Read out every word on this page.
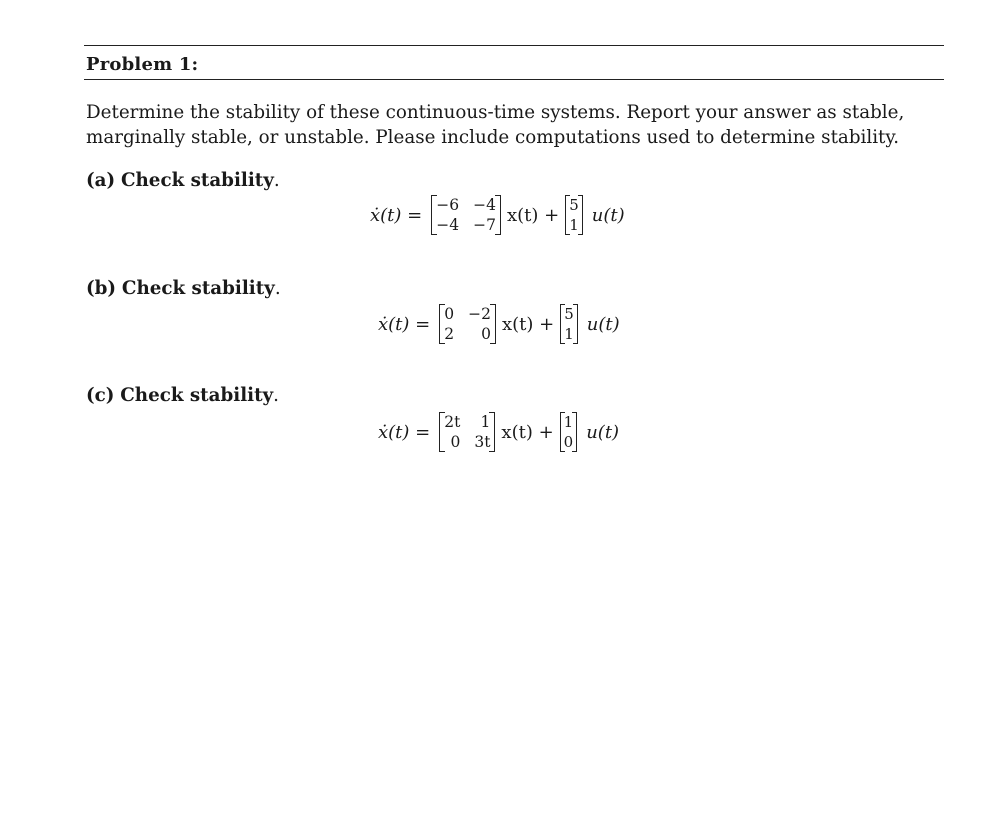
Problem 1:
Determine the stability of these continuous-time systems. Report your answer as stable, marginally stable, or unstable. Please include computations used to determine stability.
(a) Check stability.
ẋ(t) = −6 −4
−4 −7 x(t) + 5
1 u(t)
(b) Check stability.
ẋ(t) = 0 −2
2	0 x(t) + 5
1 u(t)
(c) Check stability.
ẋ(t) = 2t	1
0 3t x(t) + 1
0 u(t)
